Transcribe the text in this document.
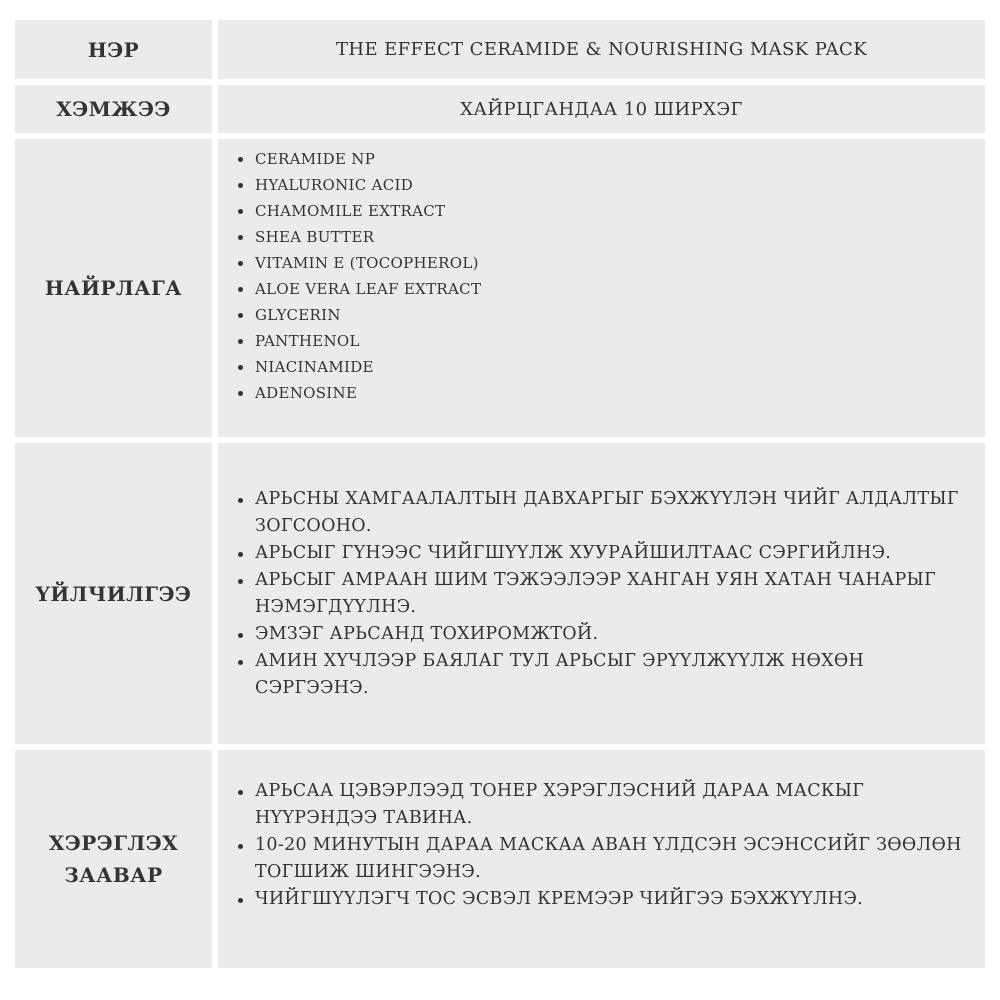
НЭР	THE EFFECT CERAMIDE & NOURISHING MASK PACK
ХЭМЖЭЭ	ХАЙРЦГАНДАА 10 ШИРХЭГ
НАЙРЛАГА
CERAMIDE NP
HYALURONIC ACID
CHAMOMILE EXTRACT
SHEA BUTTER
VITAMIN E (TOCOPHEROL)
ALOE VERA LEAF EXTRACT
GLYCERIN
PANTHENOL
NIACINAMIDE
ADENOSINE
ҮЙЛЧИЛГЭЭ
АРЬСНЫ ХАМГААЛАЛТЫН ДАВХАРГЫГ БЭХЖҮҮЛЭН ЧИЙГ АЛДАЛТЫГ ЗОГСООНО.
АРЬСЫГ ГҮНЭЭС ЧИЙГШҮҮЛЖ ХУУРАЙШИЛТААС СЭРГИЙЛНЭ.
АРЬСЫГ АМРААН ШИМ ТЭЖЭЭЛЭЭР ХАНГАН УЯН ХАТАН ЧАНАРЫГ НЭМЭГДҮҮЛНЭ.
ЭМЗЭГ АРЬСАНД ТОХИРОМЖТОЙ.
АМИН ХҮЧЛЭЭР БАЯЛАГ ТУЛ АРЬСЫГ ЭРҮҮЛЖҮҮЛЖ НӨХӨН СЭРГЭЭНЭ.
ХЭРЭГЛЭХ
ЗААВАР
АРЬСАА ЦЭВЭРЛЭЭД ТОНЕР ХЭРЭГЛЭСНИЙ ДАРАА МАСКЫГ НҮҮРЭНДЭЭ ТАВИНА.
10-20 МИНУТЫН ДАРАА МАСКАА АВАН ҮЛДСЭН ЭСЭНССИЙГ ЗӨӨЛӨН ТОГШИЖ ШИНГЭЭНЭ.
ЧИЙГШҮҮЛЭГЧ ТОС ЭСВЭЛ КРЕМЭЭР ЧИЙГЭЭ БЭХЖҮҮЛНЭ.
